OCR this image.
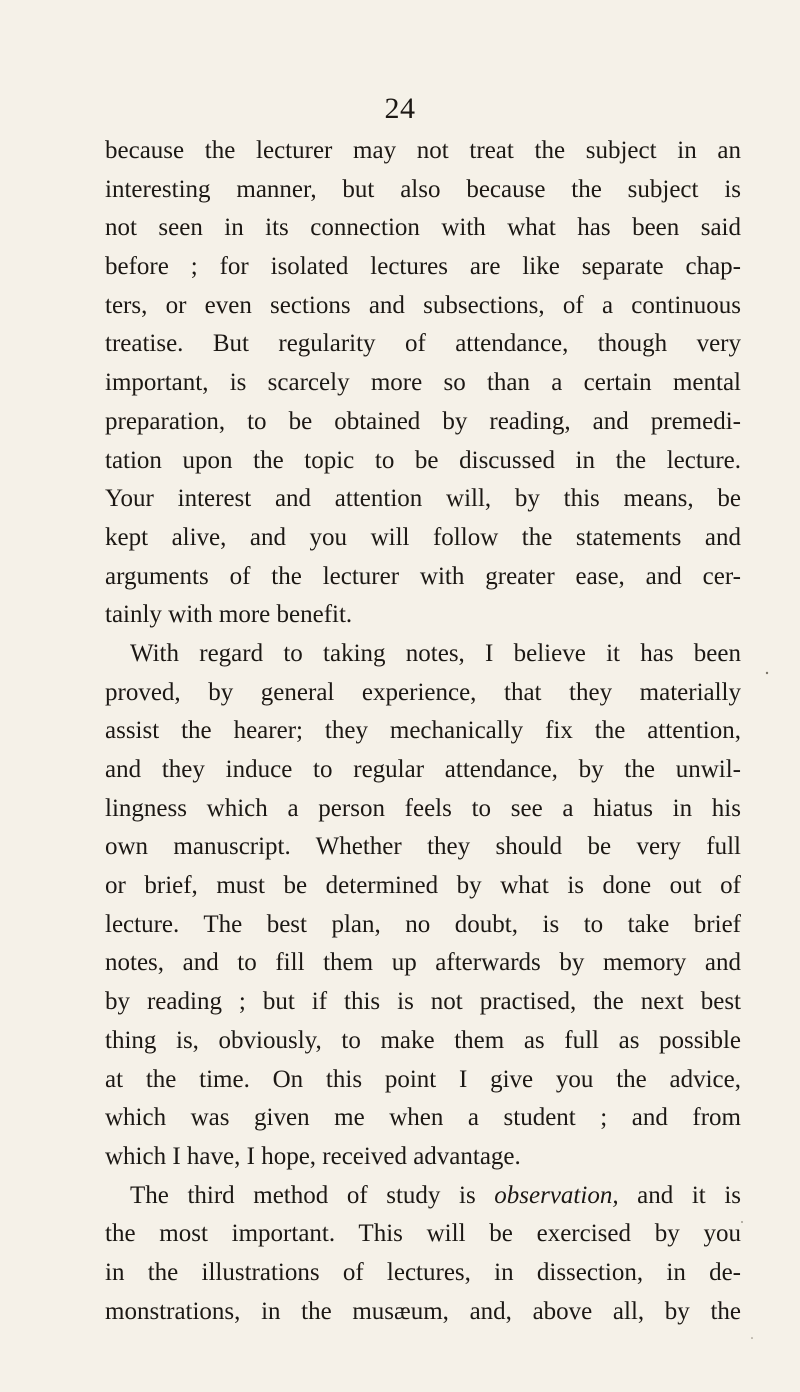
24
because the lecturer may not treat the subject in an
interesting manner, but also because the subject is
not seen in its connection with what has been said
before ; for isolated lectures are like separate chap-
ters, or even sections and subsections, of a continuous
treatise. But regularity of attendance, though very
important, is scarcely more so than a certain mental
preparation, to be obtained by reading, and premedi-
tation upon the topic to be discussed in the lecture.
Your interest and attention will, by this means, be
kept alive, and you will follow the statements and
arguments of the lecturer with greater ease, and cer-
tainly with more benefit.
With regard to taking notes, I believe it has been
proved, by general experience, that they materially
assist the hearer; they mechanically fix the attention,
and they induce to regular attendance, by the unwil-
lingness which a person feels to see a hiatus in his
own manuscript. Whether they should be very full
or brief, must be determined by what is done out of
lecture. The best plan, no doubt, is to take brief
notes, and to fill them up afterwards by memory and
by reading ; but if this is not practised, the next best
thing is, obviously, to make them as full as possible
at the time. On this point I give you the advice,
which was given me when a student ; and from
which I have, I hope, received advantage.
The third method of study is observation, and it is
the most important. This will be exercised by you
in the illustrations of lectures, in dissection, in de-
monstrations, in the musæum, and, above all, by the
